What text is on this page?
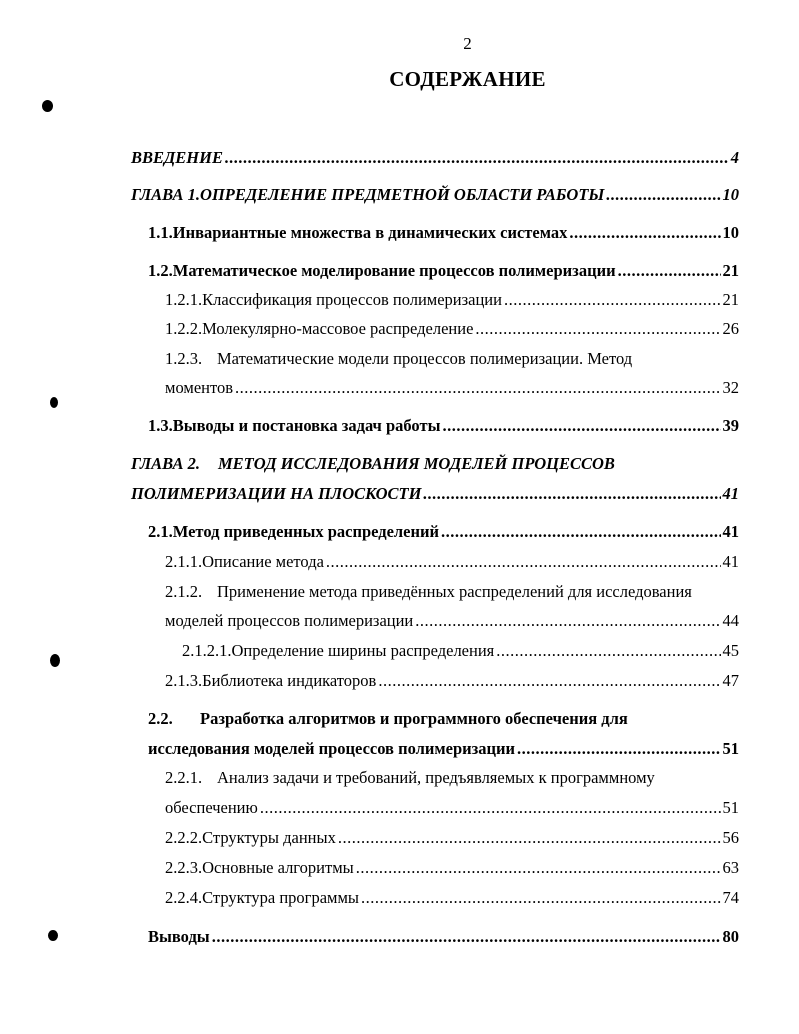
2
СОДЕРЖАНИЕ
ВВЕДЕНИЕ .....	4
ГЛАВА 1. ОПРЕДЕЛЕНИЕ ПРЕДМЕТНОЙ ОБЛАСТИ РАБОТЫ .....	10
1.1. Инвариантные множества в динамических системах .....	10
1.2. Математическое моделирование процессов полимеризации .....	21
1.2.1. Классификация процессов полимеризации .....	21
1.2.2. Молекулярно-массовое распределение .....	26
1.2.3. Математические модели процессов полимеризации. Метод
моментов .....	32
1.3. Выводы и постановка задач работы .....	39
ГЛАВА 2. МЕТОД ИССЛЕДОВАНИЯ МОДЕЛЕЙ ПРОЦЕССОВ
ПОЛИМЕРИЗАЦИИ НА ПЛОСКОСТИ .....	41
2.1. Метод приведенных распределений .....	41
2.1.1. Описание метода .....	41
2.1.2. Применение метода приведённых распределений для исследования
моделей процессов полимеризации .....	44
2.1.2.1. Определение ширины распределения .....	45
2.1.3. Библиотека индикаторов .....	47
2.2. Разработка алгоритмов и программного обеспечения для
исследования моделей процессов полимеризации .....	51
2.2.1. Анализ задачи и требований, предъявляемых к программному
обеспечению .....	51
2.2.2. Структуры данных .....	56
2.2.3. Основные алгоритмы .....	63
2.2.4. Структура программы .....	74
Выводы .....	80
